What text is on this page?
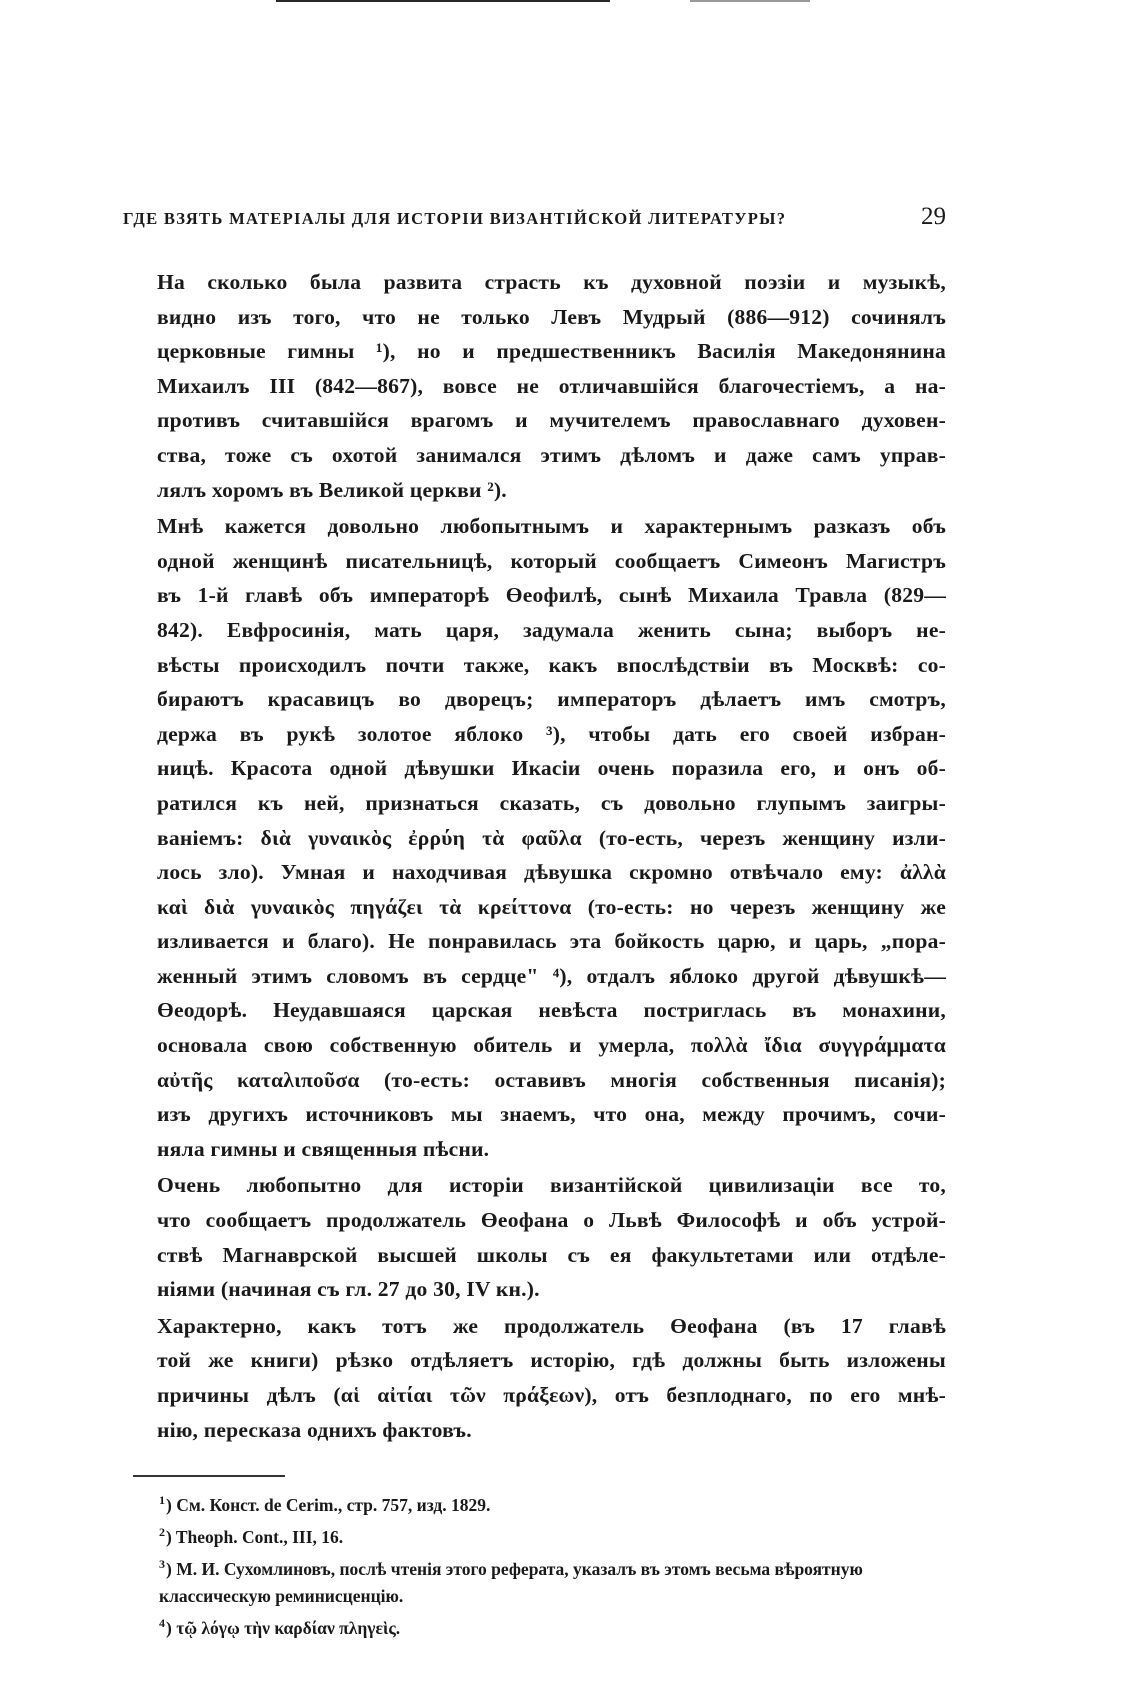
ГДЕ ВЗЯТЬ МАТЕРІАЛЫ ДЛЯ ИСТОРІИ ВИЗАНТІЙСКОЙ ЛИТЕРАТУРЫ?	29

На сколько была развита страсть къ духовной поэзіи и музыкѣ,
видно изъ того, что не только Левъ Мудрый (886—912) сочинялъ
церковные гимны ¹), но и предшественникъ Василія Македонянина
Михаилъ III (842—867), вовсе не отличавшійся благочестіемъ, а на-
противъ считавшійся врагомъ и мучителемъ православнаго духовен-
ства, тоже съ охотой занимался этимъ дѣломъ и даже самъ управ-
лялъ хоромъ въ Великой церкви ²).

Мнѣ кажется довольно любопытнымъ и характернымъ разказъ объ
одной женщинѣ писательницѣ, который сообщаетъ Симеонъ Магистръ
въ 1-й главѣ объ императорѣ Өеофилѣ, сынѣ Михаила Травла (829—
842). Евфросинія, мать царя, задумала женить сына; выборъ не-
вѣсты происходилъ почти также, какъ впослѣдствіи въ Москвѣ: со-
бираютъ красавицъ во дворецъ; императоръ дѣлаетъ имъ смотръ,
держа въ рукѣ золотое яблоко ³), чтобы дать его своей избран-
ницѣ. Красота одной дѣвушки Икасіи очень поразила его, и онъ об-
ратился къ ней, признаться сказать, съ довольно глупымъ заигры-
ваніемъ: διὰ γυναικὸς ἐρρύη τὰ φαῦλα (то-есть, черезъ женщину изли-
лось зло). Умная и находчивая дѣвушка скромно отвѣчало ему: ἀλλὰ
καὶ διὰ γυναικὸς πηγάζει τὰ κρείττονα (то-есть: но черезъ женщину же
изливается и благо). Не понравилась эта бойкость царю, и царь, „пора-
женный этимъ словомъ въ сердце" ⁴), отдалъ яблоко другой дѣвушкѣ—
Өеодорѣ. Неудавшаяся царская невѣста постриглась въ монахини,
основала свою собственную обитель и умерла, πολλὰ ἴδια συγγράμματα
αὐτῆς καταλιποῦσα (то-есть: оставивъ многія собственныя писанія);
изъ другихъ источниковъ мы знаемъ, что она, между прочимъ, сочи-
няла гимны и священныя пѣсни.

Очень любопытно для исторіи византійской цивилизаціи все то,
что сообщаетъ продолжатель Өеофана о Львѣ Философѣ и объ устрой-
ствѣ Магнаврской высшей школы съ ея факультетами или отдѣле-
ніями (начиная съ гл. 27 до 30, IV кн.).

Характерно, какъ тотъ же продолжатель Өеофана (въ 17 главѣ
той же книги) рѣзко отдѣляетъ исторію, гдѣ должны быть изложены
причины дѣлъ (αἱ αἰτίαι τῶν πράξεων), отъ безплоднаго, по его мнѣ-
нію, пересказа однихъ фактовъ.

$^1$) См. Конст. de Cerim., стр. 757, изд. 1829.
$^2$) Theoph. Cont., III, 16.
$^3$) М. И. Сухомлиновъ, послѣ чтенія этого реферата, указалъ въ этомъ весьма вѣроятную классическую реминисценцію.
$^4$) τῷ λόγῳ τὴν καρδίαν πληγεὶς.
